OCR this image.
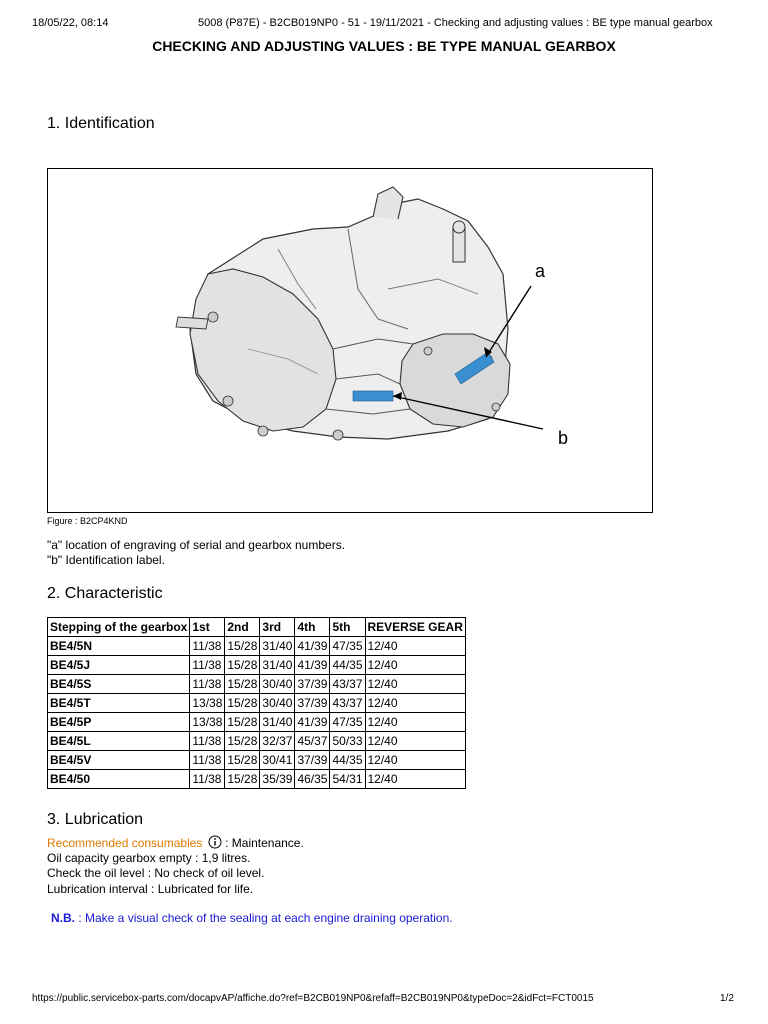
18/05/22, 08:14	5008 (P87E) - B2CB019NP0 - 51 - 19/11/2021 - Checking and adjusting values : BE type manual gearbox
CHECKING AND ADJUSTING VALUES : BE TYPE MANUAL GEARBOX
1. Identification
a
b
Figure : B2CP4KND
"a" location of engraving of serial and gearbox numbers.
"b" Identification label.
2. Characteristic
Stepping of the gearbox	1st	2nd	3rd	4th	5th	REVERSE GEAR
BE4/5N	11/38	15/28	31/40	41/39	47/35	12/40
BE4/5J	11/38	15/28	31/40	41/39	44/35	12/40
BE4/5S	11/38	15/28	30/40	37/39	43/37	12/40
BE4/5T	13/38	15/28	30/40	37/39	43/37	12/40
BE4/5P	13/38	15/28	31/40	41/39	47/35	12/40
BE4/5L	11/38	15/28	32/37	45/37	50/33	12/40
BE4/5V	11/38	15/28	30/41	37/39	44/35	12/40
BE4/50	11/38	15/28	35/39	46/35	54/31	12/40
3. Lubrication
Recommended consumables  : Maintenance.
Oil capacity gearbox empty : 1,9 litres.
Check the oil level : No check of oil level.
Lubrication interval : Lubricated for life.
N.B. : Make a visual check of the sealing at each engine draining operation.
https://public.servicebox-parts.com/docapvAP/affiche.do?ref=B2CB019NP0&refaff=B2CB019NP0&typeDoc=2&idFct=FCT0015	1/2
